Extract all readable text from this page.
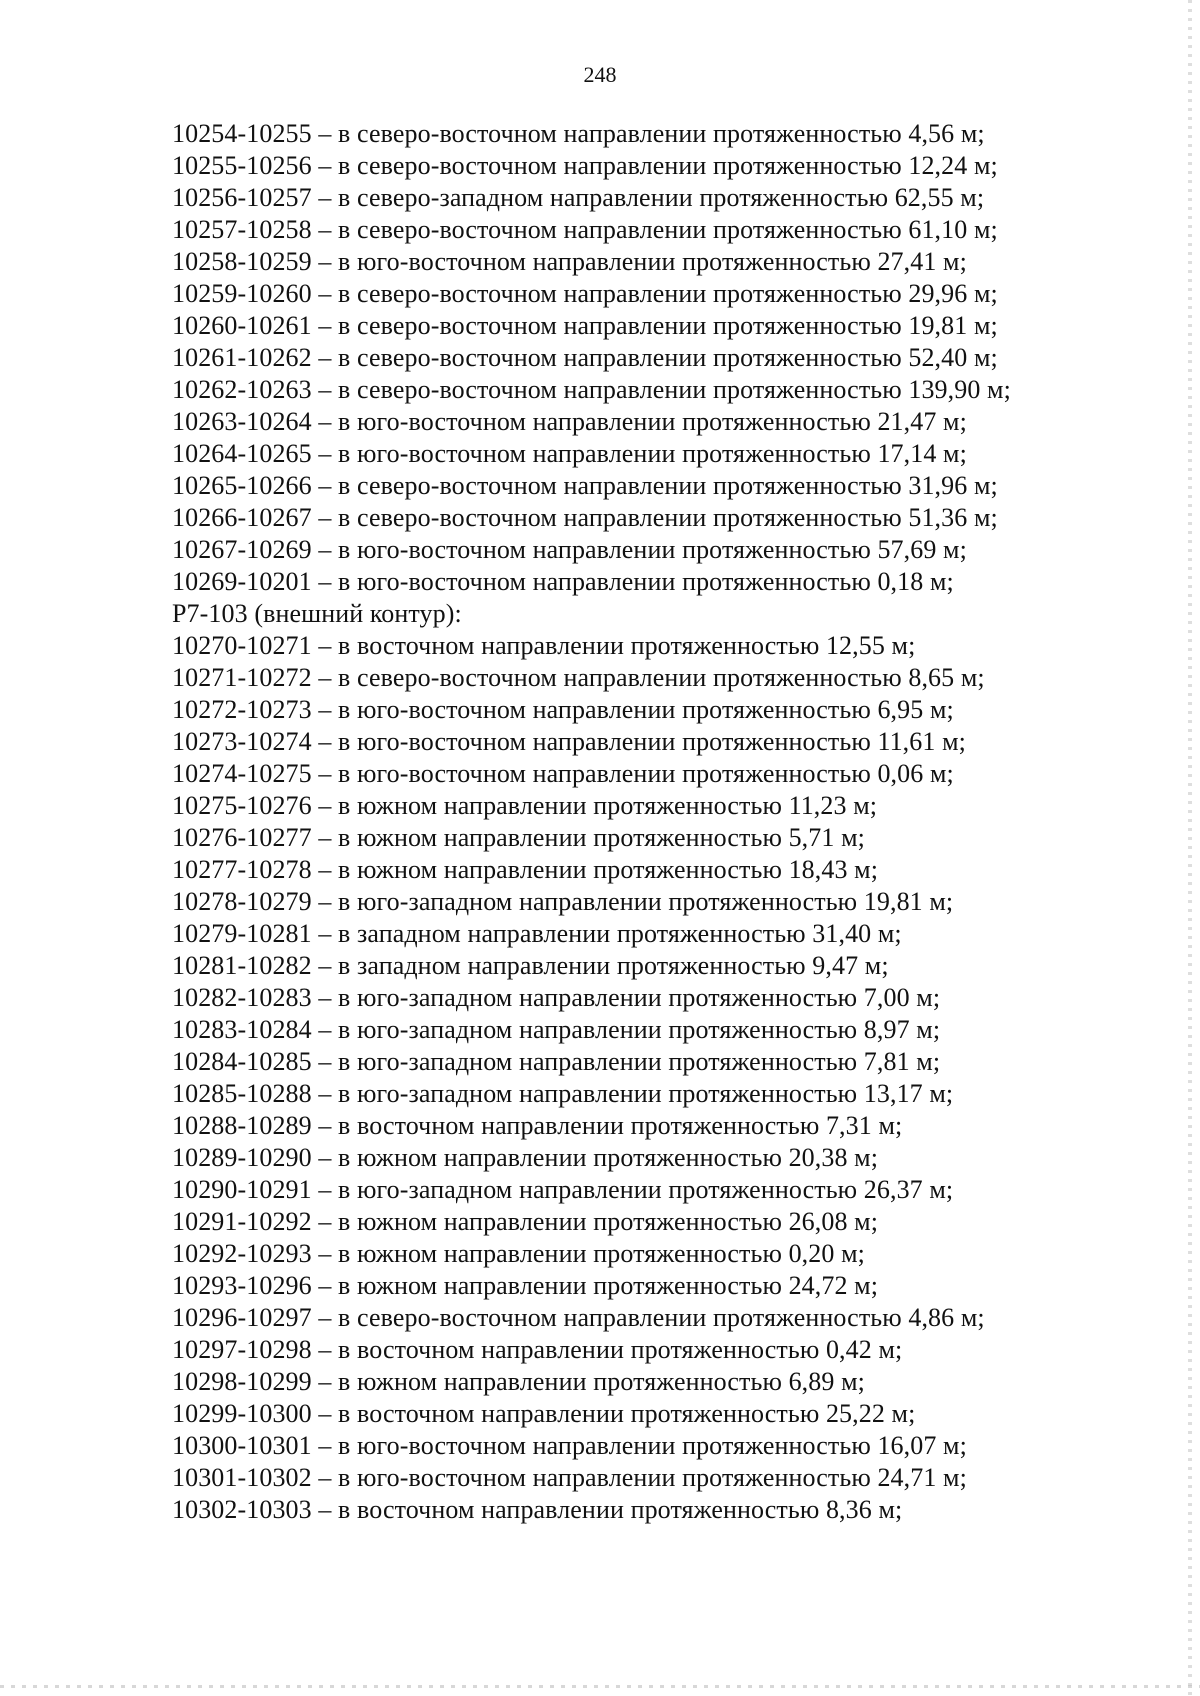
248
10254-10255 – в северо-восточном направлении протяженностью 4,56 м;
10255-10256 – в северо-восточном направлении протяженностью 12,24 м;
10256-10257 – в северо-западном направлении протяженностью 62,55 м;
10257-10258 – в северо-восточном направлении протяженностью 61,10 м;
10258-10259 – в юго-восточном направлении протяженностью 27,41 м;
10259-10260 – в северо-восточном направлении протяженностью 29,96 м;
10260-10261 – в северо-восточном направлении протяженностью 19,81 м;
10261-10262 – в северо-восточном направлении протяженностью 52,40 м;
10262-10263 – в северо-восточном направлении протяженностью 139,90 м;
10263-10264 – в юго-восточном направлении протяженностью 21,47 м;
10264-10265 – в юго-восточном направлении протяженностью 17,14 м;
10265-10266 – в северо-восточном направлении протяженностью 31,96 м;
10266-10267 – в северо-восточном направлении протяженностью 51,36 м;
10267-10269 – в юго-восточном направлении протяженностью 57,69 м;
10269-10201 – в юго-восточном направлении протяженностью 0,18 м;
Р7-103 (внешний контур):
10270-10271 – в восточном направлении протяженностью 12,55 м;
10271-10272 – в северо-восточном направлении протяженностью 8,65 м;
10272-10273 – в юго-восточном направлении протяженностью 6,95 м;
10273-10274 – в юго-восточном направлении протяженностью 11,61 м;
10274-10275 – в юго-восточном направлении протяженностью 0,06 м;
10275-10276 – в южном направлении протяженностью 11,23 м;
10276-10277 – в южном направлении протяженностью 5,71 м;
10277-10278 – в южном направлении протяженностью 18,43 м;
10278-10279 – в юго-западном направлении протяженностью 19,81 м;
10279-10281 – в западном направлении протяженностью 31,40 м;
10281-10282 – в западном направлении протяженностью 9,47 м;
10282-10283 – в юго-западном направлении протяженностью 7,00 м;
10283-10284 – в юго-западном направлении протяженностью 8,97 м;
10284-10285 – в юго-западном направлении протяженностью 7,81 м;
10285-10288 – в юго-западном направлении протяженностью 13,17 м;
10288-10289 – в восточном направлении протяженностью 7,31 м;
10289-10290 – в южном направлении протяженностью 20,38 м;
10290-10291 – в юго-западном направлении протяженностью 26,37 м;
10291-10292 – в южном направлении протяженностью 26,08 м;
10292-10293 – в южном направлении протяженностью 0,20 м;
10293-10296 – в южном направлении протяженностью 24,72 м;
10296-10297 – в северо-восточном направлении протяженностью 4,86 м;
10297-10298 – в восточном направлении протяженностью 0,42 м;
10298-10299 – в южном направлении протяженностью 6,89 м;
10299-10300 – в восточном направлении протяженностью 25,22 м;
10300-10301 – в юго-восточном направлении протяженностью 16,07 м;
10301-10302 – в юго-восточном направлении протяженностью 24,71 м;
10302-10303 – в восточном направлении протяженностью 8,36 м;
